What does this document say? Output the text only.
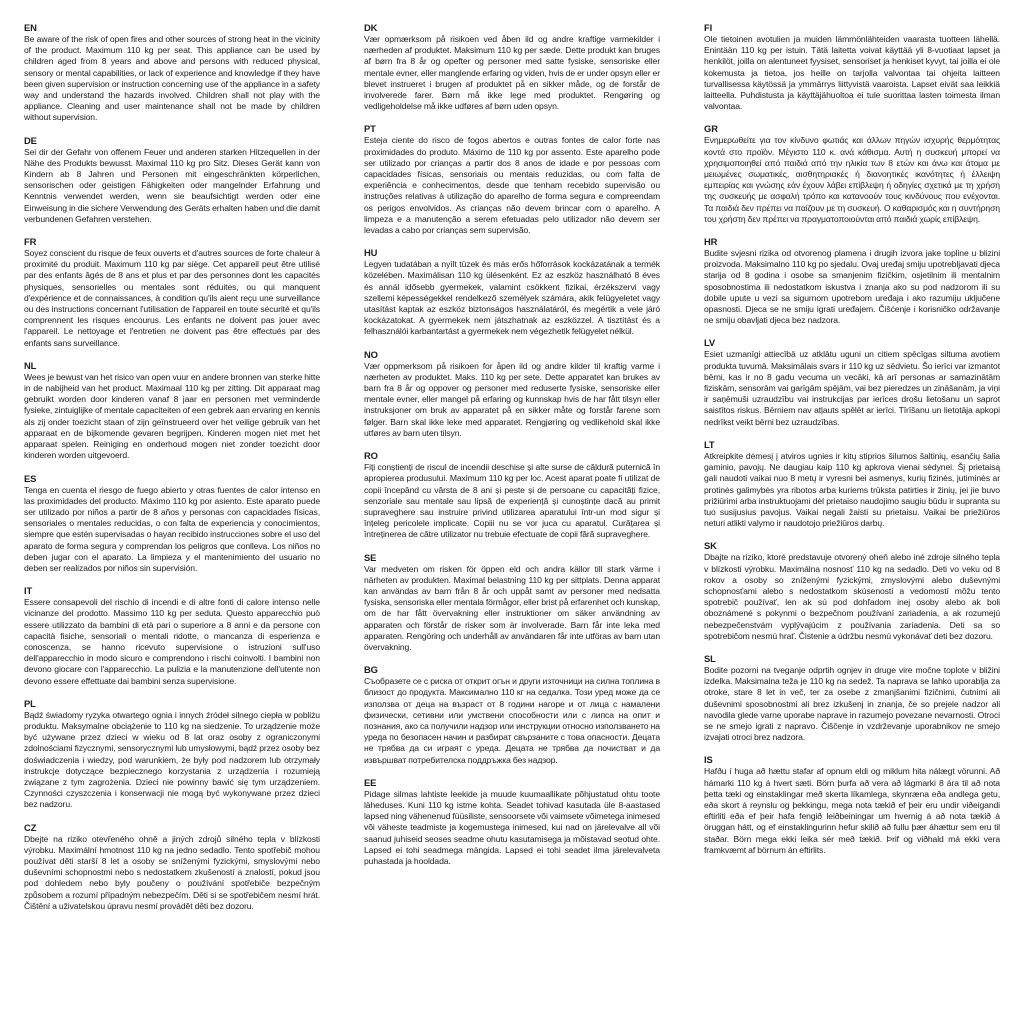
EN

Be aware of the risk of open fires and other sources of strong heat in the vicinity of the product. Maximum 110 kg per seat. This appliance can be used by children aged from 8 years and above and persons with reduced physical, sensory or mental capabilities, or lack of experience and knowledge if they have been given supervision or instruction concerning use of the appliance in a safety way and understand the hazards involved. Children shall not play with the appliance. Cleaning and user maintenance shall not be made by children without supervision.

DE

Sei dir der Gefahr von offenem Feuer und anderen starken Hitzequellen in der Nähe des Produkts bewusst. Maximal 110 kg pro Sitz. Dieses Gerät kann von Kindern ab 8 Jahren und Personen mit eingeschränkten körperlichen, sensorischen oder geistigen Fähigkeiten oder mangelnder Erfahrung und Kenntnis verwendet werden, wenn sie beaufsichtigt werden oder eine Einweisung in die sichere Verwendung des Geräts erhalten haben und die damit verbundenen Gefahren verstehen.

FR

Soyez conscient du risque de feux ouverts et d'autres sources de forte chaleur à proximité du produit. Maximum 110 kg par siège. Cet appareil peut être utilisé par des enfants âgés de 8 ans et plus et par des personnes dont les capacités physiques, sensorielles ou mentales sont réduites, ou qui manquent d'expérience et de connaissances, à condition qu'ils aient reçu une surveillance ou des instructions concernant l'utilisation de l'appareil en toute sécurité et qu'ils comprennent les risques encourus. Les enfants ne doivent pas jouer avec l'appareil. Le nettoyage et l'entretien ne doivent pas être effectués par des enfants sans surveillance.

NL

Wees je bewust van het risico van open vuur en andere bronnen van sterke hitte in de nabijheid van het product. Maximaal 110 kg per zitting. Dit apparaat mag gebruikt worden door kinderen vanaf 8 jaar en personen met verminderde fysieke, zintuiglijke of mentale capaciteiten of een gebrek aan ervaring en kennis als zij onder toezicht staan of zijn geïnstrueerd over het veilige gebruik van het apparaat en de bijkomende gevaren begrijpen. Kinderen mogen niet met het apparaat spelen. Reiniging en onderhoud mogen niet zonder toezicht door kinderen worden uitgevoerd.

ES

Tenga en cuenta el riesgo de fuego abierto y otras fuentes de calor intenso en las proximidades del producto. Máximo 110 kg por asiento. Este aparato puede ser utilizado por niños a partir de 8 años y personas con capacidades físicas, sensoriales o mentales reducidas, o con falta de experiencia y conocimientos, siempre que estén supervisadas o hayan recibido instrucciones sobre el uso del aparato de forma segura y comprendan los peligros que conlleva. Los niños no deben jugar con el aparato. La limpieza y el mantenimiento del usuario no deben ser realizados por niños sin supervisión.

IT

Essere consapevoli del rischio di incendi e di altre fonti di calore intenso nelle vicinanze del prodotto. Massimo 110 kg per seduta. Questo apparecchio può essere utilizzato da bambini di età pari o superiore a 8 anni e da persone con capacità fisiche, sensoriali o mentali ridotte, o mancanza di esperienza e conoscenza, se hanno ricevuto supervisione o istruzioni sull'uso dell'apparecchio in modo sicuro e comprendono i rischi coinvolti. I bambini non devono giocare con l'apparecchio. La pulizia e la manutenzione dell'utente non devono essere effettuate dai bambini senza supervisione.

PL

Bądź świadomy ryzyka otwartego ognia i innych źródeł silnego ciepła w pobliżu produktu. Maksymalne obciążenie to 110 kg na siedzenie. To urządzenie może być używane przez dzieci w wieku od 8 lat oraz osoby z ograniczonymi zdolnościami fizycznymi, sensorycznymi lub umysłowymi, bądź przez osoby bez doświadczenia i wiedzy, pod warunkiem, że były pod nadzorem lub otrzymały instrukcje dotyczące bezpiecznego korzystania z urządzenia i rozumieją związane z tym zagrożenia. Dzieci nie powinny bawić się tym urządzeniem. Czynności czyszczenia i konserwacji nie mogą być wykonywane przez dzieci bez nadzoru.

CZ

Dbejte na riziko otevřeného ohně a jiných zdrojů silného tepla v blízkosti výrobku. Maximální hmotnost 110 kg na jedno sedadlo. Tento spotřebič mohou používat děti starší 8 let a osoby se sníženými fyzickými, smyslovými nebo duševními schopnostmi nebo s nedostatkem zkušeností a znalostí, pokud jsou pod dohledem nebo byly poučeny o používání spotřebiče bezpečným způsobem a rozumí případným nebezpečím. Děti si se spotřebičem nesmí hrát. Čištění a uživatelskou úpravu nesmí provádět děti bez dozoru.

DK

Vær opmærksom på risikoen ved åben ild og andre kraftige varmekilder i nærheden af produktet. Maksimum 110 kg per sæde. Dette produkt kan bruges af børn fra 8 år og opefter og personer med satte fysiske, sensoriske eller mentale evner, eller manglende erfaring og viden, hvis de er under opsyn eller er blevet instrueret i brugen af produktet på en sikker måde, og de forstår de involverede farer. Børn må ikke lege med produktet. Rengøring og vedligeholdelse må ikke udføres af børn uden opsyn.

PT

Esteja ciente do risco de fogos abertos e outras fontes de calor forte nas proximidades do produto. Máximo de 110 kg por assento. Este aparelho pode ser utilizado por crianças a partir dos 8 anos de idade e por pessoas com capacidades físicas, sensoriais ou mentais reduzidas, ou com falta de experiência e conhecimentos, desde que tenham recebido supervisão ou instruções relativas à utilização do aparelho de forma segura e compreendam os perigos envolvidos. As crianças não devem brincar com o aparelho. A limpeza e a manutenção a serem efetuadas pelo utilizador não devem ser levadas a cabo por crianças sem supervisão.

HU

Legyen tudatában a nyílt tüzek és más erős hőforrások kockázatának a termék közelében. Maximálisan 110 kg ülésenként. Ez az eszköz használható 8 éves és annál idősebb gyermekek, valamint csökkent fizikai, érzékszervi vagy szellemi képességekkel rendelkező személyek számára, akik felügyeletet vagy utasítást kaptak az eszköz biztonságos használatáról, és megértik a vele járó kockázatokat. A gyermekek nem játszhatnak az eszközzel. A tisztítást és a felhasználói karbantartást a gyermekek nem végezhetik felügyelet nélkül.

NO

Vær oppmerksom på risikoen for åpen ild og andre kilder til kraftig varme i nærheten av produktet. Maks. 110 kg per sete. Dette apparatet kan brukes av barn fra 8 år og oppover og personer med reduserte fysiske, sensoriske eller mentale evner, eller mangel på erfaring og kunnskap hvis de har fått tilsyn eller instruksjoner om bruk av apparatet på en sikker måte og forstår farene som følger. Barn skal ikke leke med apparatet. Rengjøring og vedlikehold skal ikke utføres av barn uten tilsyn.

RO

Fiți conștienți de riscul de incendii deschise și alte surse de căldură puternică în apropierea produsului. Maximum 110 kg per loc. Acest aparat poate fi utilizat de copii începând cu vârsta de 8 ani și peste și de persoane cu capacități fizice, senzoriale sau mentale sau lipsă de experiență și cunoștințe dacă au primit supraveghere sau instruire privind utilizarea aparatului într-un mod sigur și înțeleg pericolele implicate. Copiii nu se vor juca cu aparatul. Curățarea și întreținerea de către utilizator nu trebuie efectuate de copii fără supraveghere.

SE

Var medveten om risken för öppen eld och andra källor till stark värme i närheten av produkten. Maximal belastning 110 kg per sittplats. Denna apparat kan användas av barn från 8 år och uppåt samt av personer med nedsatta fysiska, sensoriska eller mentala förmågor, eller brist på erfarenhet och kunskap, om de har fått övervakning eller instruktioner om säker användning av apparaten och förstår de risker som är involverade. Barn får inte leka med apparaten. Rengöring och underhåll av användaren får inte utföras av barn utan övervakning.

BG

Съобразете се с риска от открит огън и други източници на силна топлина в близост до продукта. Максимално 110 кг на седалка. Този уред може да се използва от деца на възраст от 8 години нагоре и от лица с намалени физически, сетивни или умствени способности или с липса на опит и познания, ако са получили надзор или инструкции относно използването на уреда по безопасен начин и разбират свързаните с това опасности. Децата не трябва да си играят с уреда. Децата не трябва да почистват и да извършват потребителска поддръжка без надзор.

EE

Pidage silmas lahtiste leekide ja muude kuumaallikate põhjustatud ohtu toote läheduses. Kuni 110 kg istme kohta. Seadet tohivad kasutada üle 8-aastased lapsed ning vähenenud füüsiliste, sensoorsete või vaimsete võimetega inimesed või väheste teadmiste ja kogemustega inimesed, kui nad on järelevalve all või saanud juhiseid seoses seadme ohutu kasutamisega ja mõistavad seotud ohte. Lapsed ei tohi seadmega mängida. Lapsed ei tohi seadet ilma järelevalveta puhastada ja hooldada.

FI

Ole tietoinen avotulien ja muiden lämmönlähteiden vaarasta tuotteen lähellä. Enintään 110 kg per istuin. Tätä laitetta voivat käyttää yli 8-vuotiaat lapset ja henkilöt, joilla on alentuneet fyysiset, sensoriset ja henkiset kyvyt, tai joilla ei ole kokemusta ja tietoa, jos heille on tarjolla valvontaa tai ohjeita laitteen turvallisessa käytössä ja ymmärrys liittyvistä vaaroista. Lapset eivät saa leikkiä laitteella. Puhdistusta ja käyttäjähuoltoa ei tule suorittaa lasten toimesta ilman valvontaa.

GR

Ενημερωθείτε για τον κίνδυνο φωτιάς και άλλων πηγών ισχυρής θερμότητας κοντά στο προϊόν. Μέγιστο 110 κ. ανά κάθισμα. Αυτή η συσκευή μπορεί να χρησιμοποιηθεί από παιδιά από την ηλικία των 8 ετών και άνω και άτομα με μειωμένες σωματικές, αισθητηριακές ή διανοητικές ικανότητες ή έλλειψη εμπειρίας και γνώσης εάν έχουν λάβει επίβλεψη ή οδηγίες σχετικά με τη χρήση της συσκευής με ασφαλή τρόπο και κατανοούν τους κινδύνους που ενέχονται. Τα παιδιά δεν πρέπει να παίζουν με τη συσκευή. Ο καθαρισμός και η συντήρηση του χρήστη δεν πρέπει να πραγματοποιούνται από παιδιά χωρίς επίβλεψη.

HR

Budite svjesni rizika od otvorenog plamena i drugih izvora jake topline u blizini proizvoda. Maksimalno 110 kg po sjedalu. Ovaj uređaj smiju upotrebljavati djeca starija od 8 godina i osobe sa smanjenim fizičkim, osjetilnim ili mentalnim sposobnostima ili nedostatkom iskustva i znanja ako su pod nadzorom ili su dobile upute u vezi sa sigurnom upotrebom uređaja i ako razumiju uključene opasnosti. Djeca se ne smiju igrati uređajem. Čišćenje i korisničko održavanje ne smiju obavljati djeca bez nadzora.

LV

Esiet uzmanīgi attiecībā uz atklātu uguni un citiem spēcīgas siltuma avotiem produkta tuvumā. Maksimālais svars ir 110 kg uz sēdvietu. Šo ierīci var izmantot bērni, kas ir no 8 gadu vecuma un vecāki, kā arī personas ar samazinātām fiziskām, sensorām vai garīgām spējām, vai bez pieredzes un zināšanām, ja viņi ir saņēmuši uzraudzību vai instrukcijas par ierīces drošu lietošanu un saprot saistītos riskus. Bērniem nav atļauts spēlēt ar ierīci. Tīrīšanu un lietotāja apkopi nedrīkst veikt bērni bez uzraudzības.

LT

Atkreipkite dėmesį į atviros ugnies ir kitų stiprios šilumos šaltinių, esančių šalia gaminio, pavojų. Ne daugiau kaip 110 kg apkrova vienai sėdynei. Šį prietaisą gali naudoti vaikai nuo 8 metų ir vyresni bei asmenys, kurių fizinės, jutiminės ar protinės galimybės yra ribotos arba kuriems trūksta patirties ir žinių, jei jie buvo prižiūrimi arba instruktuojami dėl prietaiso naudojimo saugiu būdu ir supranta su tuo susijusius pavojus. Vaikai negali žaisti su prietaisu. Vaikai be priežiūros neturi atlikti valymo ir naudotojo priežiūros darbų.

SK

Dbajte na riziko, ktoré predstavuje otvorený oheň alebo iné zdroje silného tepla v blízkosti výrobku. Maximálna nosnosť 110 kg na sedadlo. Deti vo veku od 8 rokov a osoby so zníženými fyzickými, zmyslovými alebo duševnými schopnosťami alebo s nedostatkom skúseností a vedomostí môžu tento spotrebič používať, len ak sú pod dohľadom inej osoby alebo ak boli oboznámené s pokynmi o bezpečnom používaní zariadenia, a ak rozumejú nebezpečenstvám vyplývajúcim z používania zariadenia. Deti sa so spotrebičom nesmú hrať. Čistenie a údržbu nesmú vykonávať deti bez dozoru.

SL

Bodite pozorni na tveganje odprtih ognjev in druge vire močne toplote v bližini izdelka. Maksimalna teža je 110 kg na sedež. Ta naprava se lahko uporablja za otroke, stare 8 let in več, ter za osebe z zmanjšanimi fizičnimi, čutnimi ali duševnimi sposobnostmi ali brez izkušenj in znanja, če so prejele nadzor ali navodila glede varne uporabe naprave in razumejo povezane nevarnosti. Otroci se ne smejo igrati z napravo. Čiščenje in vzdrževanje uporabnikov ne smejo izvajati otroci brez nadzora.

IS

Hafðu í huga að hættu stafar af opnum eldi og miklum hita nálægt vörunni. Að hámarki 110 kg á hvert sæti. Börn þurfa að vera að lágmarki 8 ára til að nota þetta tæki og einstaklingar með skerta líkamlega, skynræna eða andlega getu, eða skort á reynslu og þekkingu, mega nota tækið ef þeir eru undir viðeigandi eftirliti eða ef þeir hafa fengið leiðbeiningar um hvernig á að nota tækið á öruggan hátt, og ef einstaklingurinn hefur skilið að fullu þær áhættur sem eru til staðar. Börn mega ekki leika sér með tækið. Þrif og viðhald má ekki vera framkvæmt af börnum án eftirlits.
